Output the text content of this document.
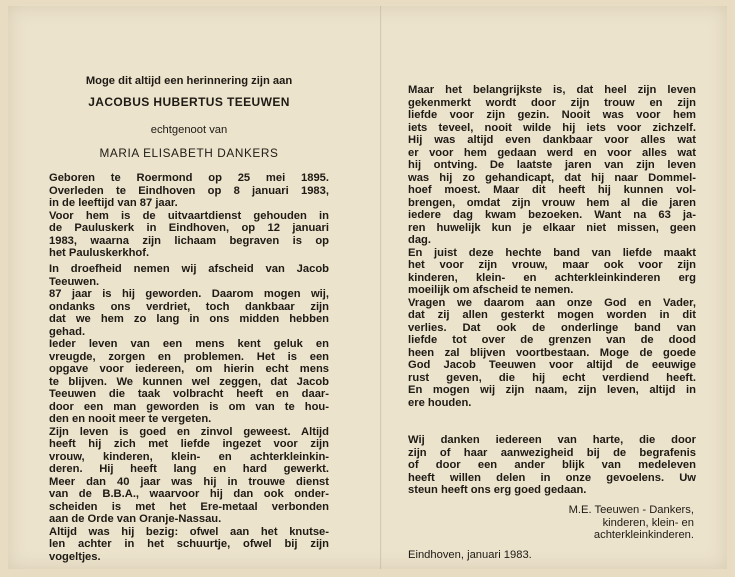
Moge dit altijd een herinnering zijn aan
JACOBUS HUBERTUS TEEUWEN
echtgenoot van
MARIA ELISABETH DANKERS
Geboren te Roermond op 25 mei 1895.
Overleden te Eindhoven op 8 januari 1983,
in de leeftijd van 87 jaar.
Voor hem is de uitvaartdienst gehouden in
de Pauluskerk in Eindhoven, op 12 januari
1983, waarna zijn lichaam begraven is op
het Pauluskerkhof.
In droefheid nemen wij afscheid van Jacob
Teeuwen.
87 jaar is hij geworden. Daarom mogen wij,
ondanks ons verdriet, toch dankbaar zijn
dat we hem zo lang in ons midden hebben
gehad.
Ieder leven van een mens kent geluk en
vreugde, zorgen en problemen. Het is een
opgave voor iedereen, om hierin echt mens
te blijven. We kunnen wel zeggen, dat Jacob
Teeuwen die taak volbracht heeft en daar-
door een man geworden is om van te hou-
den en nooit meer te vergeten.
Zijn leven is goed en zinvol geweest. Altijd
heeft hij zich met liefde ingezet voor zijn
vrouw, kinderen, klein- en achterkleinkin-
deren. Hij heeft lang en hard gewerkt.
Meer dan 40 jaar was hij in trouwe dienst
van de B.B.A., waarvoor hij dan ook onder-
scheiden is met het Ere-metaal verbonden
aan de Orde van Oranje-Nassau.
Altijd was hij bezig: ofwel aan het knutse-
len achter in het schuurtje, ofwel bij zijn
vogeltjes.
Maar het belangrijkste is, dat heel zijn leven
gekenmerkt wordt door zijn trouw en zijn
liefde voor zijn gezin. Nooit was voor hem
iets teveel, nooit wilde hij iets voor zichzelf.
Hij was altijd even dankbaar voor alles wat
er voor hem gedaan werd en voor alles wat
hij ontving. De laatste jaren van zijn leven
was hij zo gehandicapt, dat hij naar Dommel-
hoef moest. Maar dit heeft hij kunnen vol-
brengen, omdat zijn vrouw hem al die jaren
iedere dag kwam bezoeken. Want na 63 ja-
ren huwelijk kun je elkaar niet missen, geen
dag.
En juist deze hechte band van liefde maakt
het voor zijn vrouw, maar ook voor zijn
kinderen, klein- en achterkleinkinderen erg
moeilijk om afscheid te nemen.
Vragen we daarom aan onze God en Vader,
dat zij allen gesterkt mogen worden in dit
verlies. Dat ook de onderlinge band van
liefde tot over de grenzen van de dood
heen zal blijven voortbestaan. Moge de goede
God Jacob Teeuwen voor altijd de eeuwige
rust geven, die hij echt verdiend heeft.
En mogen wij zijn naam, zijn leven, altijd in
ere houden.
Wij danken iedereen van harte, die door
zijn of haar aanwezigheid bij de begrafenis
of door een ander blijk van medeleven
heeft willen delen in onze gevoelens. Uw
steun heeft ons erg goed gedaan.
M.E. Teeuwen - Dankers,
kinderen, klein- en
achterkleinkinderen.
Eindhoven, januari 1983.
